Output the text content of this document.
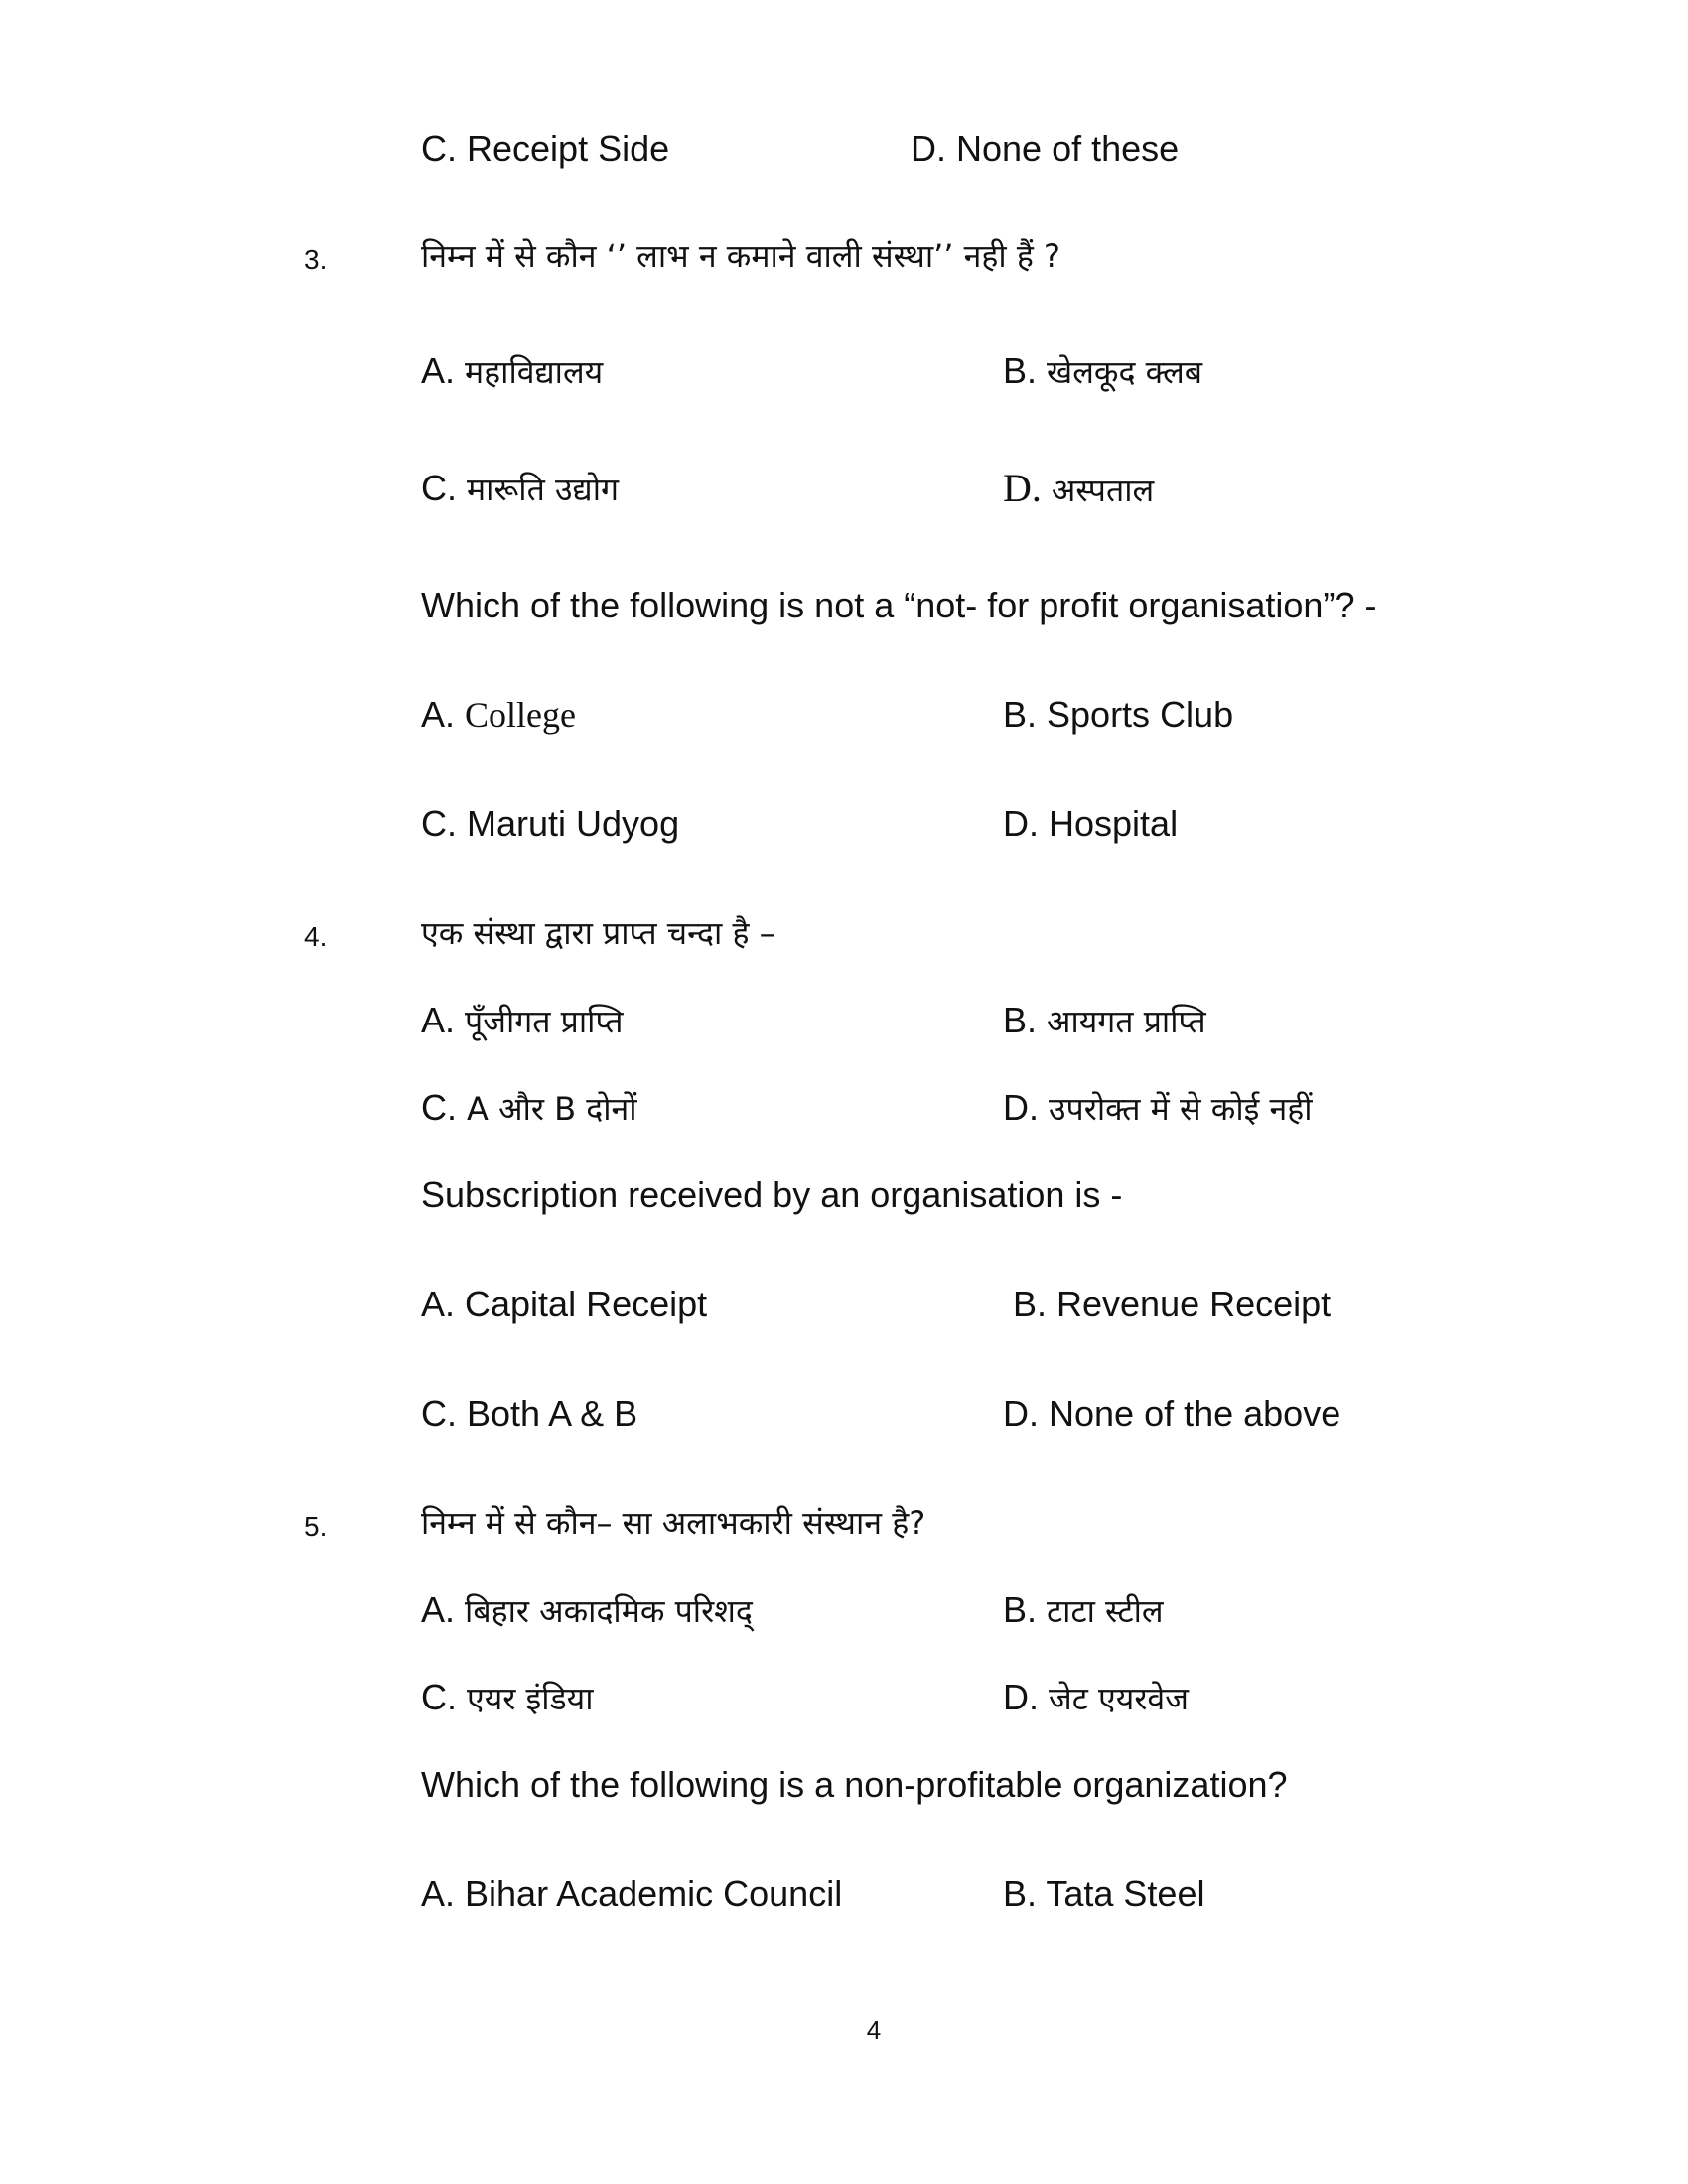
C. Receipt Side	D. None of these
3.	निम्न में से कौन ‘’ लाभ न कमाने वाली संस्था’’ नही हैं ?
A. महाविद्यालय	B. खेलकूद क्लब
C. मारूति उद्योग	D. अस्पताल
Which of the following is not a “not- for profit organisation”? -
A. College	B. Sports Club
C. Maruti Udyog	D. Hospital
4.	एक संस्था द्वारा प्राप्त चन्दा है –
A. पूँजीगत प्राप्ति	B. आयगत प्राप्ति
C. A और B दोनों	D. उपरोक्त में से कोई नहीं
Subscription received by an organisation is -
A. Capital Receipt	B. Revenue Receipt
C. Both A & B	D. None of the above
5.	निम्न में से कौन– सा अलाभकारी संस्थान है?
A. बिहार अकादमिक परिशद्	B. टाटा स्टील
C. एयर इंडिया	D. जेट एयरवेज
Which of the following is a non-profitable organization?
A. Bihar Academic Council	B. Tata Steel
4
